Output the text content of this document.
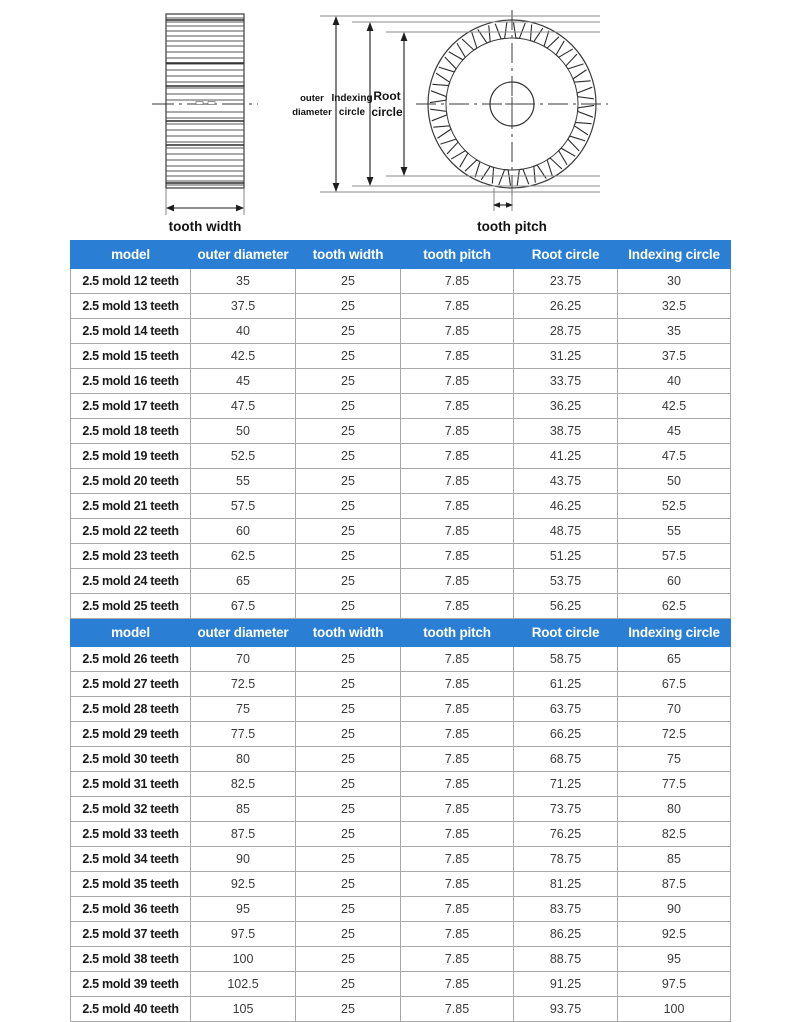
tooth width
outer
diameter
Indexing
circle
Root
circle
tooth pitch
model	outer diameter	tooth width	tooth pitch	Root circle	Indexing circle
2.5 mold 12 teeth	35	25	7.85	23.75	30
2.5 mold 13 teeth	37.5	25	7.85	26.25	32.5
2.5 mold 14 teeth	40	25	7.85	28.75	35
2.5 mold 15 teeth	42.5	25	7.85	31.25	37.5
2.5 mold 16 teeth	45	25	7.85	33.75	40
2.5 mold 17 teeth	47.5	25	7.85	36.25	42.5
2.5 mold 18 teeth	50	25	7.85	38.75	45
2.5 mold 19 teeth	52.5	25	7.85	41.25	47.5
2.5 mold 20 teeth	55	25	7.85	43.75	50
2.5 mold 21 teeth	57.5	25	7.85	46.25	52.5
2.5 mold 22 teeth	60	25	7.85	48.75	55
2.5 mold 23 teeth	62.5	25	7.85	51.25	57.5
2.5 mold 24 teeth	65	25	7.85	53.75	60
2.5 mold 25 teeth	67.5	25	7.85	56.25	62.5
model	outer diameter	tooth width	tooth pitch	Root circle	Indexing circle
2.5 mold 26 teeth	70	25	7.85	58.75	65
2.5 mold 27 teeth	72.5	25	7.85	61.25	67.5
2.5 mold 28 teeth	75	25	7.85	63.75	70
2.5 mold 29 teeth	77.5	25	7.85	66.25	72.5
2.5 mold 30 teeth	80	25	7.85	68.75	75
2.5 mold 31 teeth	82.5	25	7.85	71.25	77.5
2.5 mold 32 teeth	85	25	7.85	73.75	80
2.5 mold 33 teeth	87.5	25	7.85	76.25	82.5
2.5 mold 34 teeth	90	25	7.85	78.75	85
2.5 mold 35 teeth	92.5	25	7.85	81.25	87.5
2.5 mold 36 teeth	95	25	7.85	83.75	90
2.5 mold 37 teeth	97.5	25	7.85	86.25	92.5
2.5 mold 38 teeth	100	25	7.85	88.75	95
2.5 mold 39 teeth	102.5	25	7.85	91.25	97.5
2.5 mold 40 teeth	105	25	7.85	93.75	100
